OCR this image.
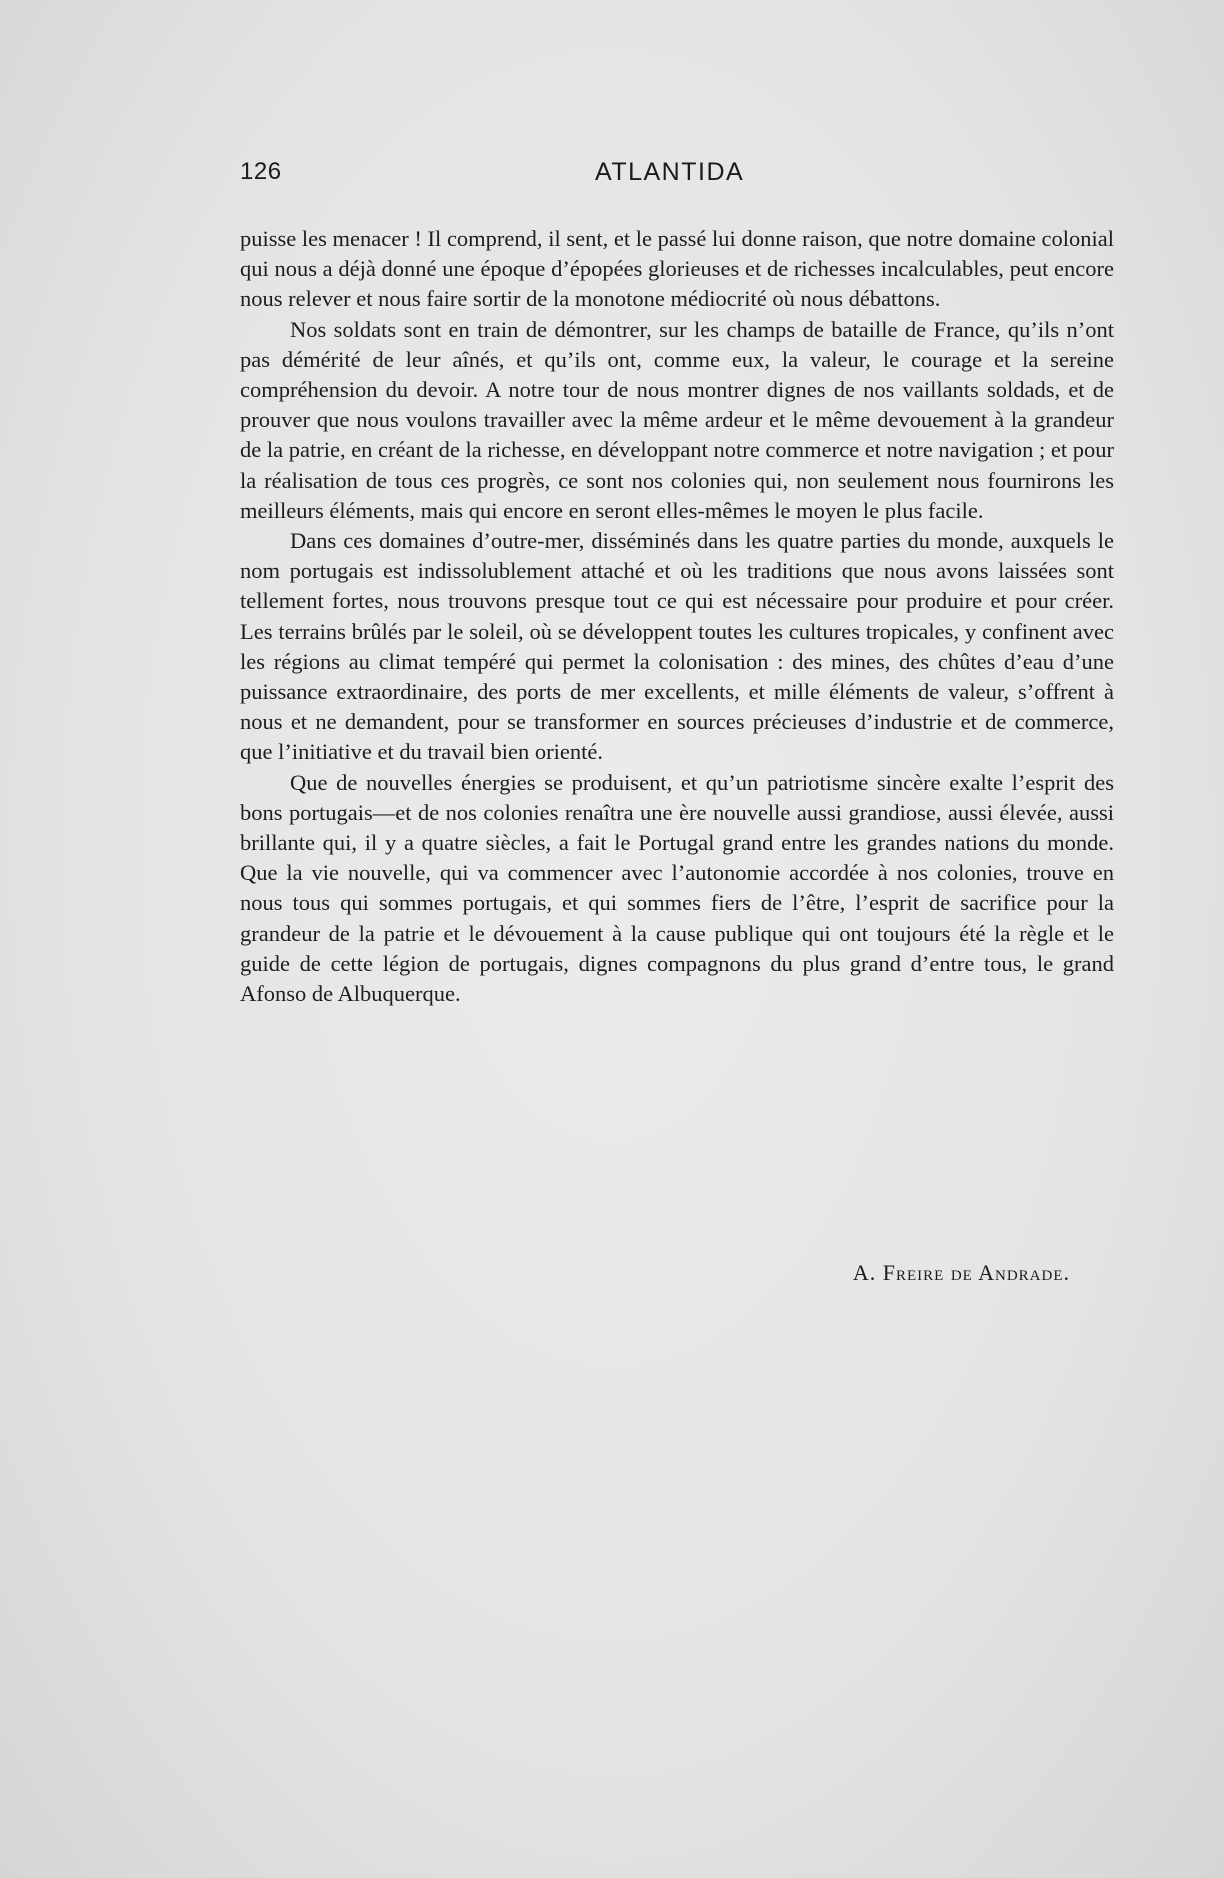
126	ATLANTIDA

puisse les menacer ! Il comprend, il sent, et le passé lui donne raison, que notre domaine colonial qui nous a déjà donné une époque d’épopées glorieuses et de richesses incalculables, peut encore nous relever et nous faire sortir de la monotone médiocrité où nous débattons.

Nos soldats sont en train de démontrer, sur les champs de bataille de France, qu’ils n’ont pas démérité de leur aînés, et qu’ils ont, comme eux, la valeur, le courage et la sereine compréhension du devoir. A notre tour de nous montrer dignes de nos vaillants soldads, et de prouver que nous voulons travailler avec la même ardeur et le même devouement à la grandeur de la patrie, en créant de la richesse, en développant notre commerce et notre navigation ; et pour la réalisation de tous ces progrès, ce sont nos colonies qui, non seulement nous fournirons les meilleurs éléments, mais qui encore en seront elles-mêmes le moyen le plus facile.

Dans ces domaines d’outre-mer, disséminés dans les quatre parties du monde, auxquels le nom portugais est indissolublement attaché et où les traditions que nous avons laissées sont tellement fortes, nous trouvons presque tout ce qui est nécessaire pour produire et pour créer. Les terrains brûlés par le soleil, où se développent toutes les cultures tropicales, y confinent avec les régions au climat tempéré qui permet la colonisation : des mines, des chûtes d’eau d’une puissance extraordinaire, des ports de mer excellents, et mille éléments de valeur, s’offrent à nous et ne demandent, pour se transformer en sources précieuses d’industrie et de commerce, que l’initiative et du travail bien orienté.

Que de nouvelles énergies se produisent, et qu’un patriotisme sincère exalte l’esprit des bons portugais—et de nos colonies renaîtra une ère nouvelle aussi grandiose, aussi élevée, aussi brillante qui, il y a quatre siècles, a fait le Portugal grand entre les grandes nations du monde. Que la vie nouvelle, qui va commencer avec l’autonomie accordée à nos colonies, trouve en nous tous qui sommes portugais, et qui sommes fiers de l’être, l’esprit de sacrifice pour la grandeur de la patrie et le dévouement à la cause publique qui ont toujours été la règle et le guide de cette légion de portugais, dignes compagnons du plus grand d’entre tous, le grand Afonso de Albuquerque.

A. Freire de Andrade.
